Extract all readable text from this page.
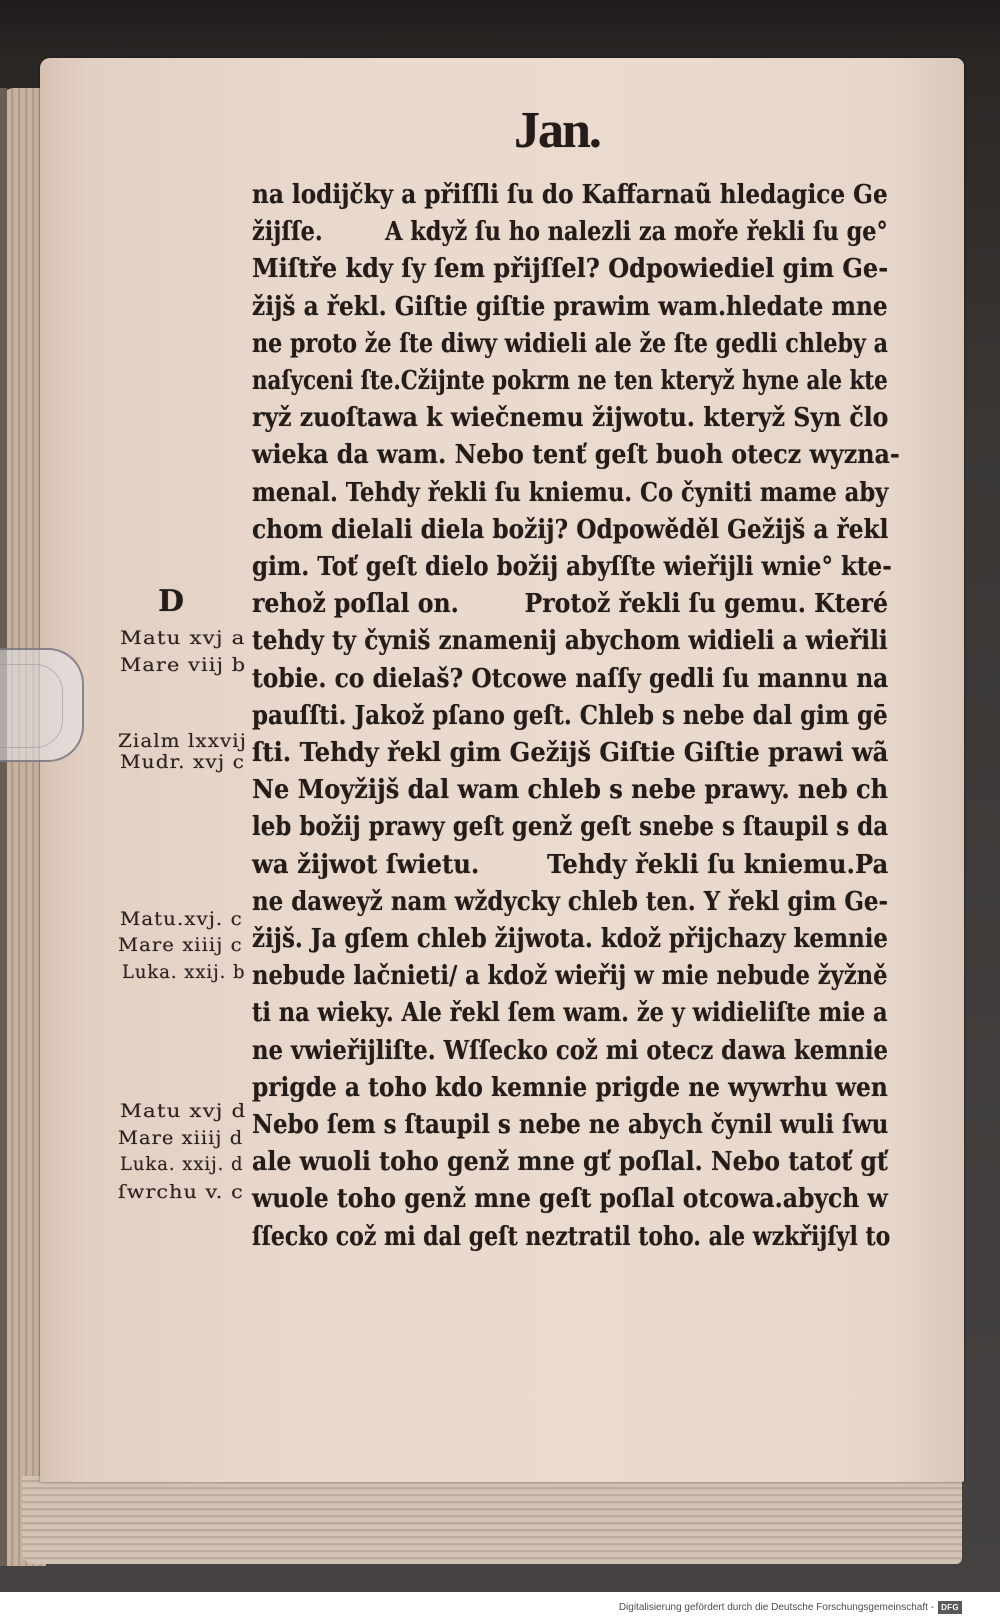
Jan.
na lodijčky a přiſſli ſu do Kaffarnaũ hledagice Ge
žijſſe.        A když ſu ho nalezli za moře řekli ſu ge°
Miſtře kdy ſy ſem přijſſel? Odpowiediel gim Ge-
žijš a řekl. Giſtie giſtie prawim wam.hledate mne
ne proto že ſte diwy widieli ale že ſte gedli chleby a
naſyceni ſte.Cžijnte pokrm ne ten kteryž hyne ale kte
ryž zuoſtawa k wiečnemu žijwotu. kteryž Syn člo
wieka da wam. Nebo tenť geſt buoh otecz wyzna-
menal. Tehdy řekli ſu kniemu. Co čyniti mame aby
chom dielali diela božij? Odpowěděl Gežijš a řekl
gim. Toť geſt dielo božij abyſſte wieřijli wnie° kte-
rehož poſlal on.        Protož řekli ſu gemu. Které
tehdy ty čyniš znamenij abychom widieli a wieřili
tobie. co dielaš? Otcowe naſſy gedli ſu mannu na
pauſſti. Jakož pſano geſt. Chleb s nebe dal gim gē
ſti. Tehdy řekl gim Gežijš Giſtie Giſtie prawi wã
Ne Moyžijš dal wam chleb s nebe prawy. neb ch
leb božij prawy geſt genž geſt snebe s ſtaupil s da
wa žijwot ſwietu.        Tehdy řekli ſu kniemu.Pa
ne daweyž nam wždycky chleb ten. Y řekl gim Ge-
žijš. Ja gſem chleb žijwota. kdož přijchazy kemnie
nebude lačnieti/ a kdož wieřij w mie nebude žyžně
ti na wieky. Ale řekl ſem wam. že y widieliſte mie a
ne vwieřijliſte. Wſſecko což mi otecz dawa kemnie
prigde a toho kdo kemnie prigde ne wywrhu wen
Nebo ſem s ſtaupil s nebe ne abych čynil wuli ſwu
ale wuoli toho genž mne gť poſlal. Nebo tatoť gť
wuole toho genž mne geſt poſlal otcowa.abych w
ſſecko což mi dal geſt neztratil toho. ale wzkřijſyl to
D
Matu xvj a
Mare viij b
Zialm lxxvij
Mudr. xvj c
Matu.xvj. c
Mare xiiij c
Luka. xxij. b
Matu xvj d
Mare xiiij d
Luka. xxij. d
ſwrchu v. c
Digitalisierung gefördert durch die Deutsche Forschungsgemeinschaft - DFG
